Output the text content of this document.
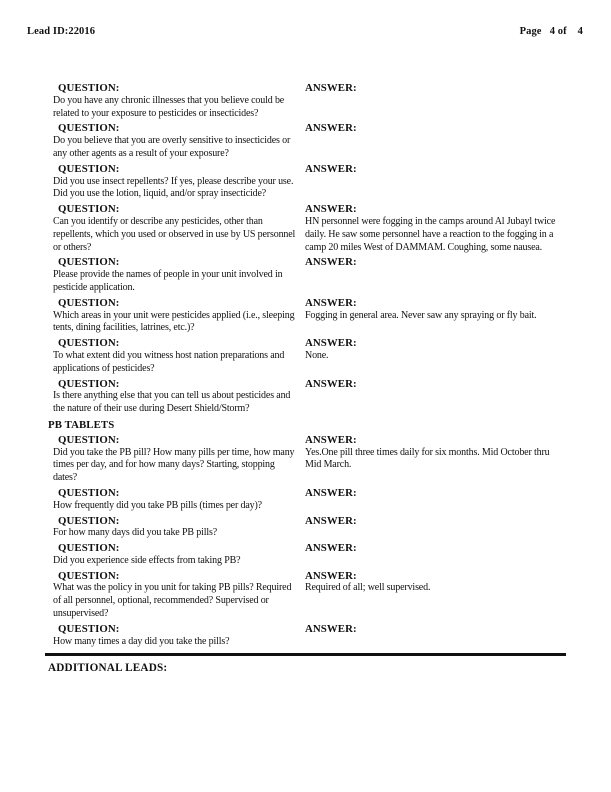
Lead ID:22016	Page   4 of    4
QUESTION:
Do you have any chronic illnesses that you believe could be related to your exposure to pesticides or insecticides?
ANSWER:
QUESTION:
Do you believe that you are overly sensitive to insecticides or any other agents as a result of your exposure?
ANSWER:
QUESTION:
Did you use insect repellents? If yes, please describe your use. Did you use the lotion, liquid, and/or spray insecticide?
ANSWER:
QUESTION:
Can you identify or describe any pesticides, other than repellents, which you used or observed in use by US personnel or others?
ANSWER:
HN personnel were fogging in the camps around Al Jubayl twice daily. He saw some personnel have a reaction to the fogging in a camp 20 miles West of DAMMAM. Coughing, some nausea.
QUESTION:
Please provide the names of people in your unit involved in pesticide application.
ANSWER:
QUESTION:
Which areas in your unit were pesticides applied (i.e., sleeping tents, dining facilities, latrines, etc.)?
ANSWER:
Fogging in general area. Never saw any spraying or fly bait.
QUESTION:
To what extent did you witness host nation preparations and applications of pesticides?
ANSWER:
None.
QUESTION:
Is there anything else that you can tell us about pesticides and the nature of their use during Desert Shield/Storm?
ANSWER:
PB TABLETS
QUESTION:
Did you take the PB pill? How many pills per time, how many times per day, and for how many days? Starting, stopping dates?
ANSWER:
Yes.One pill three times daily for six months. Mid October thru Mid March.
QUESTION:
How frequently did you take PB pills (times per day)?
ANSWER:
QUESTION:
For how many days did you take PB pills?
ANSWER:
QUESTION:
Did you experience side effects from taking PB?
ANSWER:
QUESTION:
What was the policy in you unit for taking PB pills? Required of all personnel, optional, recommended? Supervised or unsupervised?
ANSWER:
Required of all; well supervised.
QUESTION:
How many times a day did you take the pills?
ANSWER:
ADDITIONAL LEADS:
